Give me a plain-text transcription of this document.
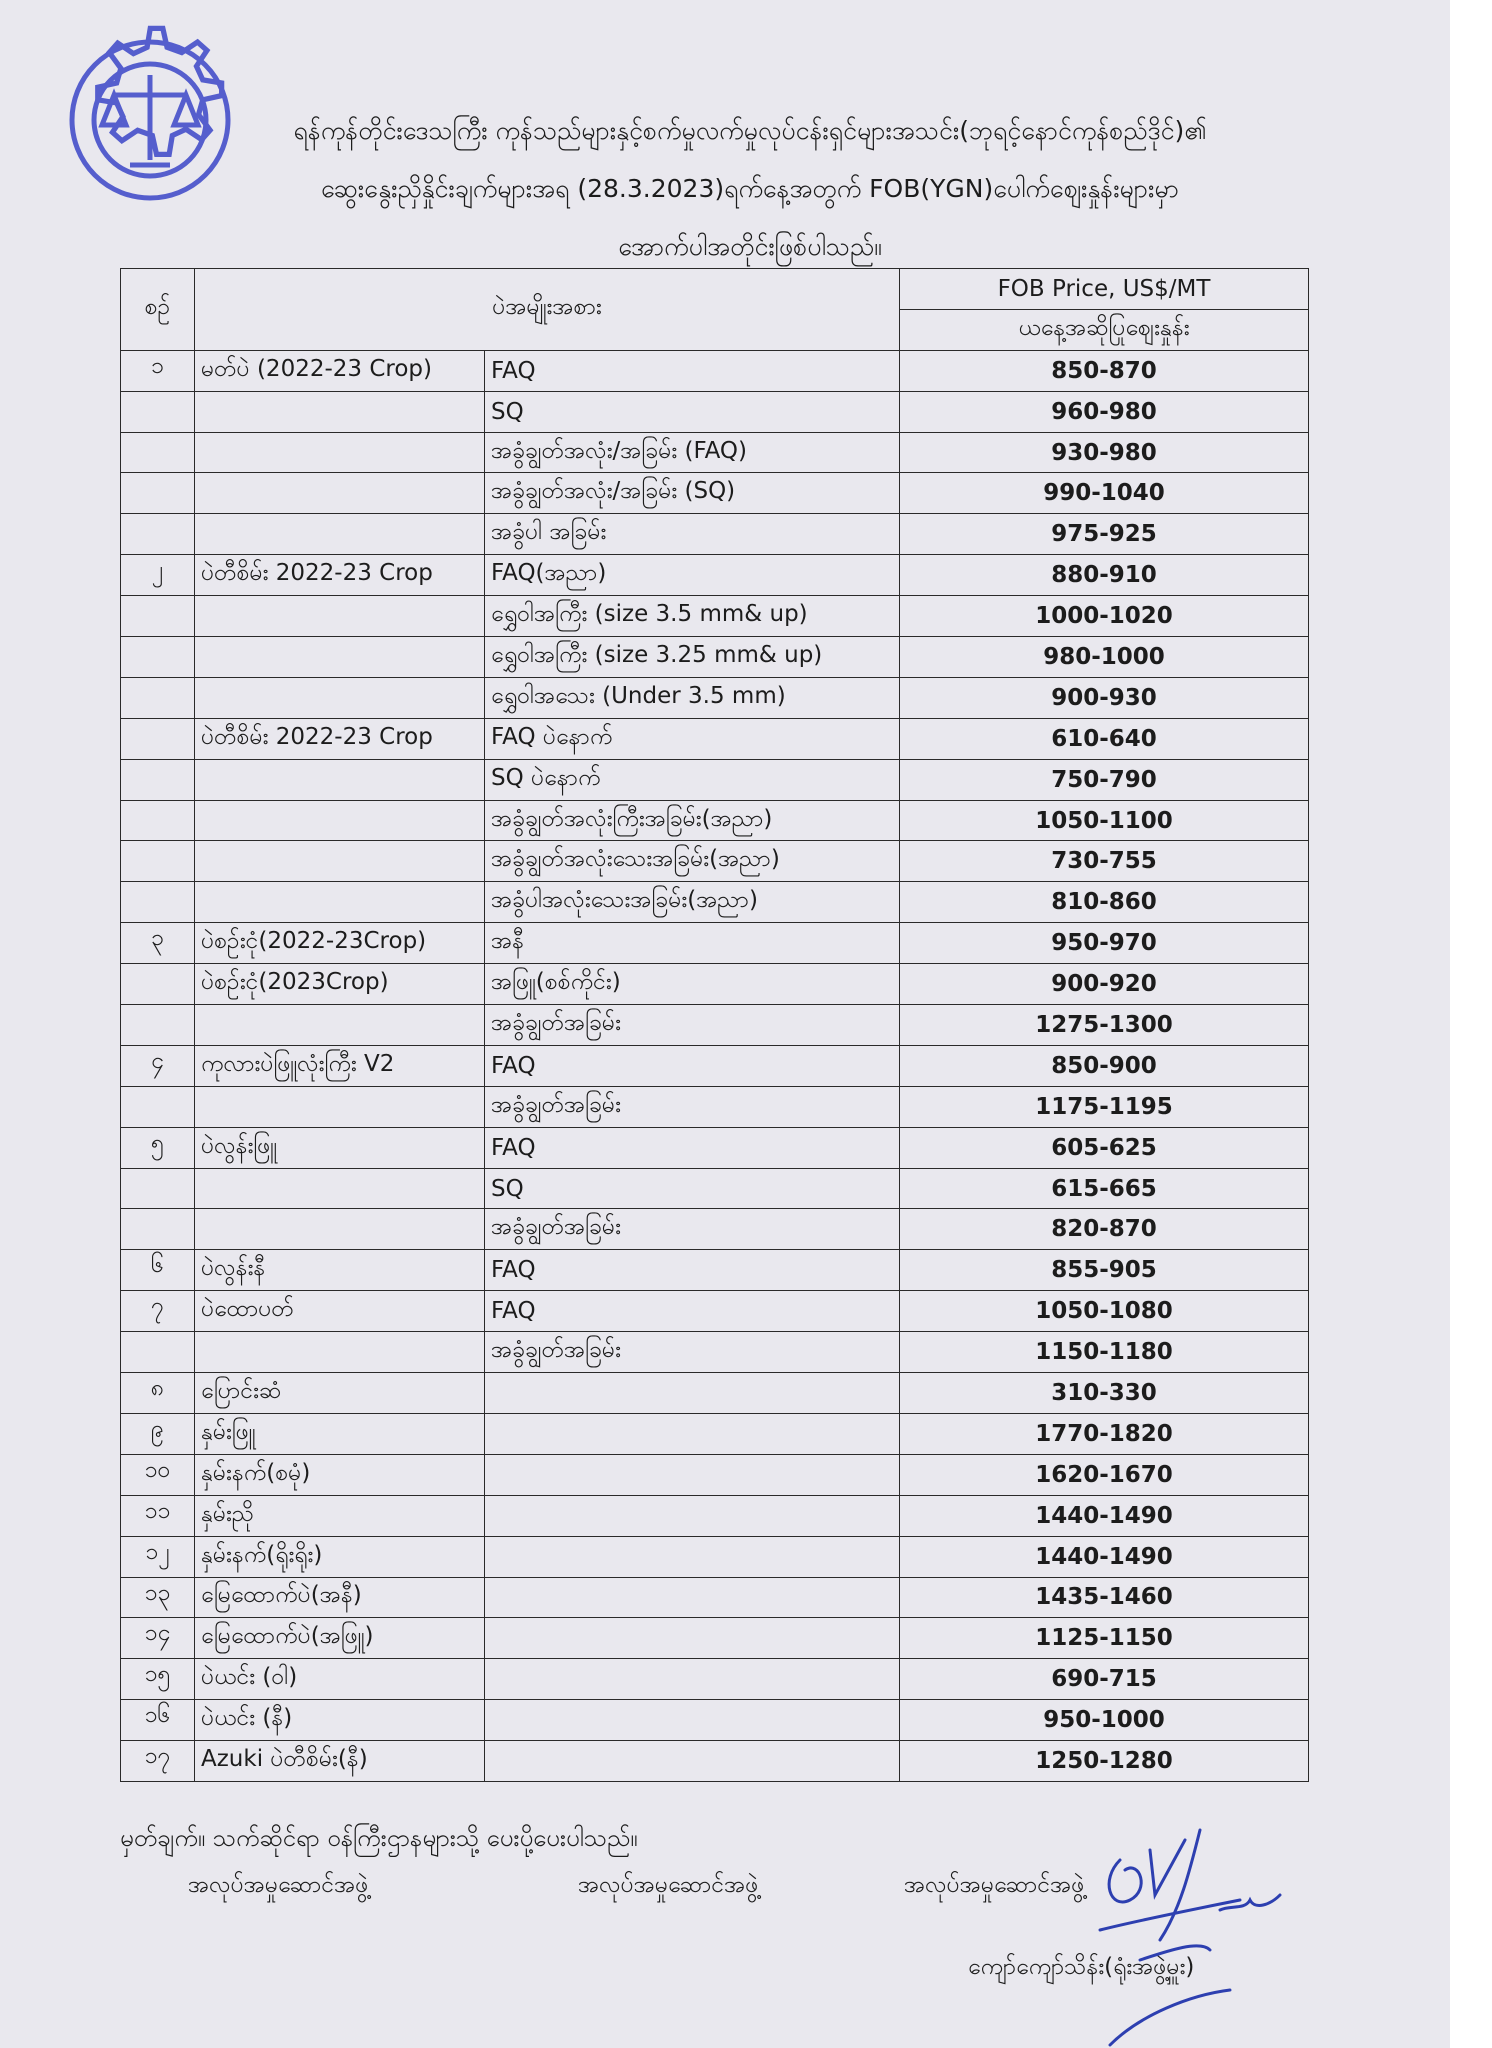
ရန်ကုန်တိုင်းဒေသကြီး ကုန်သည်များနှင့်စက်မှုလက်မှုလုပ်ငန်းရှင်များအသင်း(ဘုရင့်နောင်ကုန်စည်ဒိုင်)၏
ဆွေးနွေးညှိနှိုင်းချက်များအရ (28.3.2023)ရက်နေ့အတွက် FOB(YGN)ပေါက်ဈေးနှုန်းများမှာ
အောက်ပါအတိုင်းဖြစ်ပါသည်။
စဉ်	ပဲအမျိုးအစား		FOB Price, US$/MT
			ယနေ့အဆိုပြုဈေးနှုန်း
၁	မတ်ပဲ (2022-23 Crop)	FAQ	850-870
		SQ	960-980
		အခွံချွတ်အလုံး/အခြမ်း (FAQ)	930-980
		အခွံချွတ်အလုံး/အခြမ်း (SQ)	990-1040
		အခွံပါ အခြမ်း	975-925
၂	ပဲတီစိမ်း 2022-23 Crop	FAQ(အညာ)	880-910
		ရွှေဝါအကြီး (size 3.5 mm& up)	1000-1020
		ရွှေဝါအကြီး (size 3.25 mm& up)	980-1000
		ရွှေဝါအသေး (Under 3.5 mm)	900-930
	ပဲတီစိမ်း 2022-23 Crop	FAQ ပဲနောက်	610-640
		SQ ပဲနောက်	750-790
		အခွံချွတ်အလုံးကြီးအခြမ်း(အညာ)	1050-1100
		အခွံချွတ်အလုံးသေးအခြမ်း(အညာ)	730-755
		အခွံပါအလုံးသေးအခြမ်း(အညာ)	810-860
၃	ပဲစဉ်းငုံ(2022-23Crop)	အနီ	950-970
	ပဲစဉ်းငုံ(2023Crop)	အဖြူ(စစ်ကိုင်း)	900-920
		အခွံချွတ်အခြမ်း	1275-1300
၄	ကုလားပဲဖြူလုံးကြီး V2	FAQ	850-900
		အခွံချွတ်အခြမ်း	1175-1195
၅	ပဲလွန်းဖြူ	FAQ	605-625
		SQ	615-665
		အခွံချွတ်အခြမ်း	820-870
၆	ပဲလွန်းနီ	FAQ	855-905
၇	ပဲထောပတ်	FAQ	1050-1080
		အခွံချွတ်အခြမ်း	1150-1180
၈	ပြောင်းဆံ		310-330
၉	နှမ်းဖြူ		1770-1820
၁၀	နှမ်းနက်(စမုံ)		1620-1670
၁၁	နှမ်းညို		1440-1490
၁၂	နှမ်းနက်(ရိုးရိုး)		1440-1490
၁၃	မြေထောက်ပဲ(အနီ)		1435-1460
၁၄	မြေထောက်ပဲ(အဖြူ)		1125-1150
၁၅	ပဲယင်း (ဝါ)		690-715
၁၆	ပဲယင်း (နီ)		950-1000
၁၇	Azuki ပဲတီစိမ်း(နီ)		1250-1280
မှတ်ချက်။ သက်ဆိုင်ရာ ဝန်ကြီးဌာနများသို့ ပေးပို့ပေးပါသည်။
အလုပ်အမှုဆောင်အဖွဲ့	အလုပ်အမှုဆောင်အဖွဲ့	အလုပ်အမှုဆောင်အဖွဲ့
ကျော်ကျော်သိန်း(ရုံးအဖွဲ့မှူး)
